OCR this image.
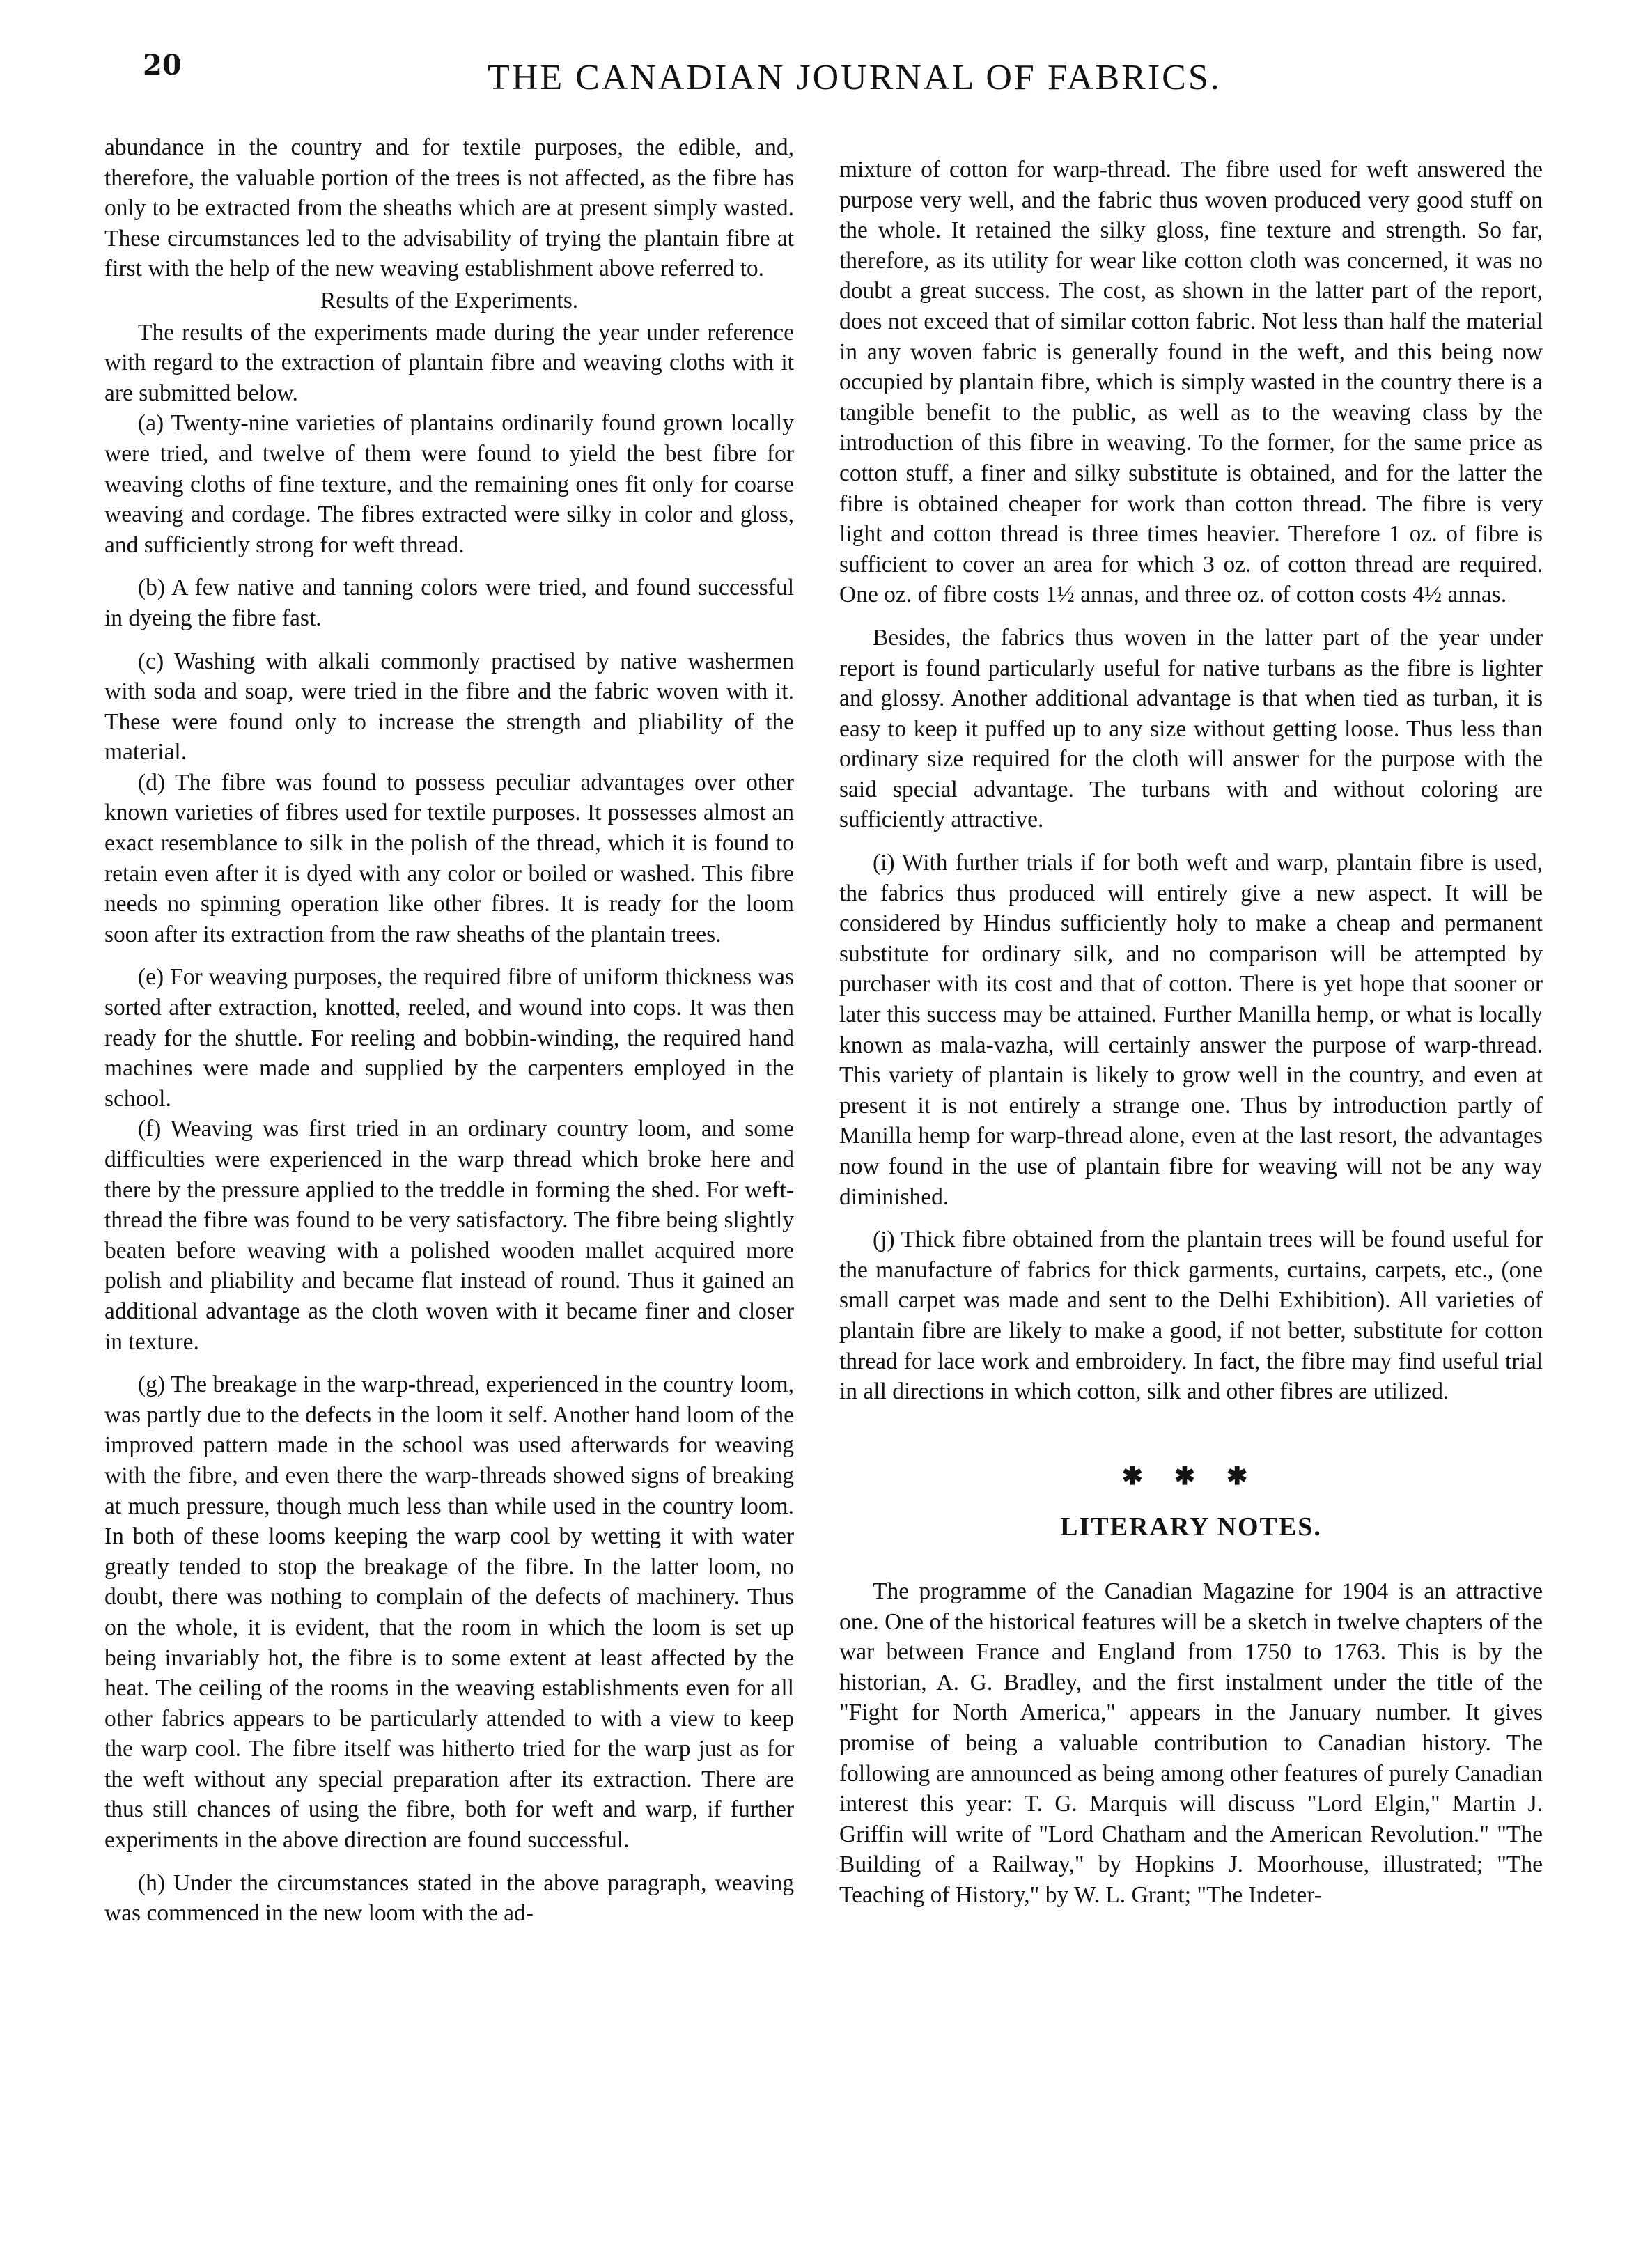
20	THE CANADIAN JOURNAL OF FABRICS.

abundance in the country and for textile purposes, the edible, and, therefore, the valuable portion of the trees is not affected, as the fibre has only to be extracted from the sheaths which are at present simply wasted. These circumstances led to the advisability of trying the plantain fibre at first with the help of the new weaving establishment above referred to.

Results of the Experiments.

The results of the experiments made during the year under reference with regard to the extraction of plantain fibre and weaving cloths with it are submitted below.

(a) Twenty-nine varieties of plantains ordinarily found grown locally were tried, and twelve of them were found to yield the best fibre for weaving cloths of fine texture, and the remaining ones fit only for coarse weaving and cordage. The fibres extracted were silky in color and gloss, and sufficiently strong for weft thread.

(b) A few native and tanning colors were tried, and found successful in dyeing the fibre fast.

(c) Washing with alkali commonly practised by native washermen with soda and soap, were tried in the fibre and the fabric woven with it. These were found only to increase the strength and pliability of the material.

(d) The fibre was found to possess peculiar advantages over other known varieties of fibres used for textile purposes. It possesses almost an exact resemblance to silk in the polish of the thread, which it is found to retain even after it is dyed with any color or boiled or washed. This fibre needs no spinning operation like other fibres. It is ready for the loom soon after its extraction from the raw sheaths of the plantain trees.

(e) For weaving purposes, the required fibre of uniform thickness was sorted after extraction, knotted, reeled, and wound into cops. It was then ready for the shuttle. For reeling and bobbin-winding, the required hand machines were made and supplied by the carpenters employed in the school.

(f) Weaving was first tried in an ordinary country loom, and some difficulties were experienced in the warp thread which broke here and there by the pressure applied to the treddle in forming the shed. For weft-thread the fibre was found to be very satisfactory. The fibre being slightly beaten before weaving with a polished wooden mallet acquired more polish and pliability and became flat instead of round. Thus it gained an additional advantage as the cloth woven with it became finer and closer in texture.

(g) The breakage in the warp-thread, experienced in the country loom, was partly due to the defects in the loom it self. Another hand loom of the improved pattern made in the school was used afterwards for weaving with the fibre, and even there the warp-threads showed signs of breaking at much pressure, though much less than while used in the country loom. In both of these looms keeping the warp cool by wetting it with water greatly tended to stop the breakage of the fibre. In the latter loom, no doubt, there was nothing to complain of the defects of machinery. Thus on the whole, it is evident, that the room in which the loom is set up being invariably hot, the fibre is to some extent at least affected by the heat. The ceiling of the rooms in the weaving establishments even for all other fabrics appears to be particularly attended to with a view to keep the warp cool. The fibre itself was hitherto tried for the warp just as for the weft without any special preparation after its extraction. There are thus still chances of using the fibre, both for weft and warp, if further experiments in the above direction are found successful.

(h) Under the circumstances stated in the above paragraph, weaving was commenced in the new loom with the ad-

mixture of cotton for warp-thread. The fibre used for weft answered the purpose very well, and the fabric thus woven produced very good stuff on the whole. It retained the silky gloss, fine texture and strength. So far, therefore, as its utility for wear like cotton cloth was concerned, it was no doubt a great success. The cost, as shown in the latter part of the report, does not exceed that of similar cotton fabric. Not less than half the material in any woven fabric is generally found in the weft, and this being now occupied by plantain fibre, which is simply wasted in the country there is a tangible benefit to the public, as well as to the weaving class by the introduction of this fibre in weaving. To the former, for the same price as cotton stuff, a finer and silky substitute is obtained, and for the latter the fibre is obtained cheaper for work than cotton thread. The fibre is very light and cotton thread is three times heavier. Therefore 1 oz. of fibre is sufficient to cover an area for which 3 oz. of cotton thread are required. One oz. of fibre costs 1½ annas, and three oz. of cotton costs 4½ annas.

Besides, the fabrics thus woven in the latter part of the year under report is found particularly useful for native turbans as the fibre is lighter and glossy. Another additional advantage is that when tied as turban, it is easy to keep it puffed up to any size without getting loose. Thus less than ordinary size required for the cloth will answer for the purpose with the said special advantage. The turbans with and without coloring are sufficiently attractive.

(i) With further trials if for both weft and warp, plantain fibre is used, the fabrics thus produced will entirely give a new aspect. It will be considered by Hindus sufficiently holy to make a cheap and permanent substitute for ordinary silk, and no comparison will be attempted by purchaser with its cost and that of cotton. There is yet hope that sooner or later this success may be attained. Further Manilla hemp, or what is locally known as mala-vazha, will certainly answer the purpose of warp-thread. This variety of plantain is likely to grow well in the country, and even at present it is not entirely a strange one. Thus by introduction partly of Manilla hemp for warp-thread alone, even at the last resort, the advantages now found in the use of plantain fibre for weaving will not be any way diminished.

(j) Thick fibre obtained from the plantain trees will be found useful for the manufacture of fabrics for thick garments, curtains, carpets, etc., (one small carpet was made and sent to the Delhi Exhibition). All varieties of plantain fibre are likely to make a good, if not better, substitute for cotton thread for lace work and embroidery. In fact, the fibre may find useful trial in all directions in which cotton, silk and other fibres are utilized.

✱ ✱ ✱
LITERARY NOTES.

The programme of the Canadian Magazine for 1904 is an attractive one. One of the historical features will be a sketch in twelve chapters of the war between France and England from 1750 to 1763. This is by the historian, A. G. Bradley, and the first instalment under the title of the "Fight for North America," appears in the January number. It gives promise of being a valuable contribution to Canadian history. The following are announced as being among other features of purely Canadian interest this year: T. G. Marquis will discuss "Lord Elgin," Martin J. Griffin will write of "Lord Chatham and the American Revolution." "The Building of a Railway," by Hopkins J. Moorhouse, illustrated; "The Teaching of History," by W. L. Grant; "The Indeter-
